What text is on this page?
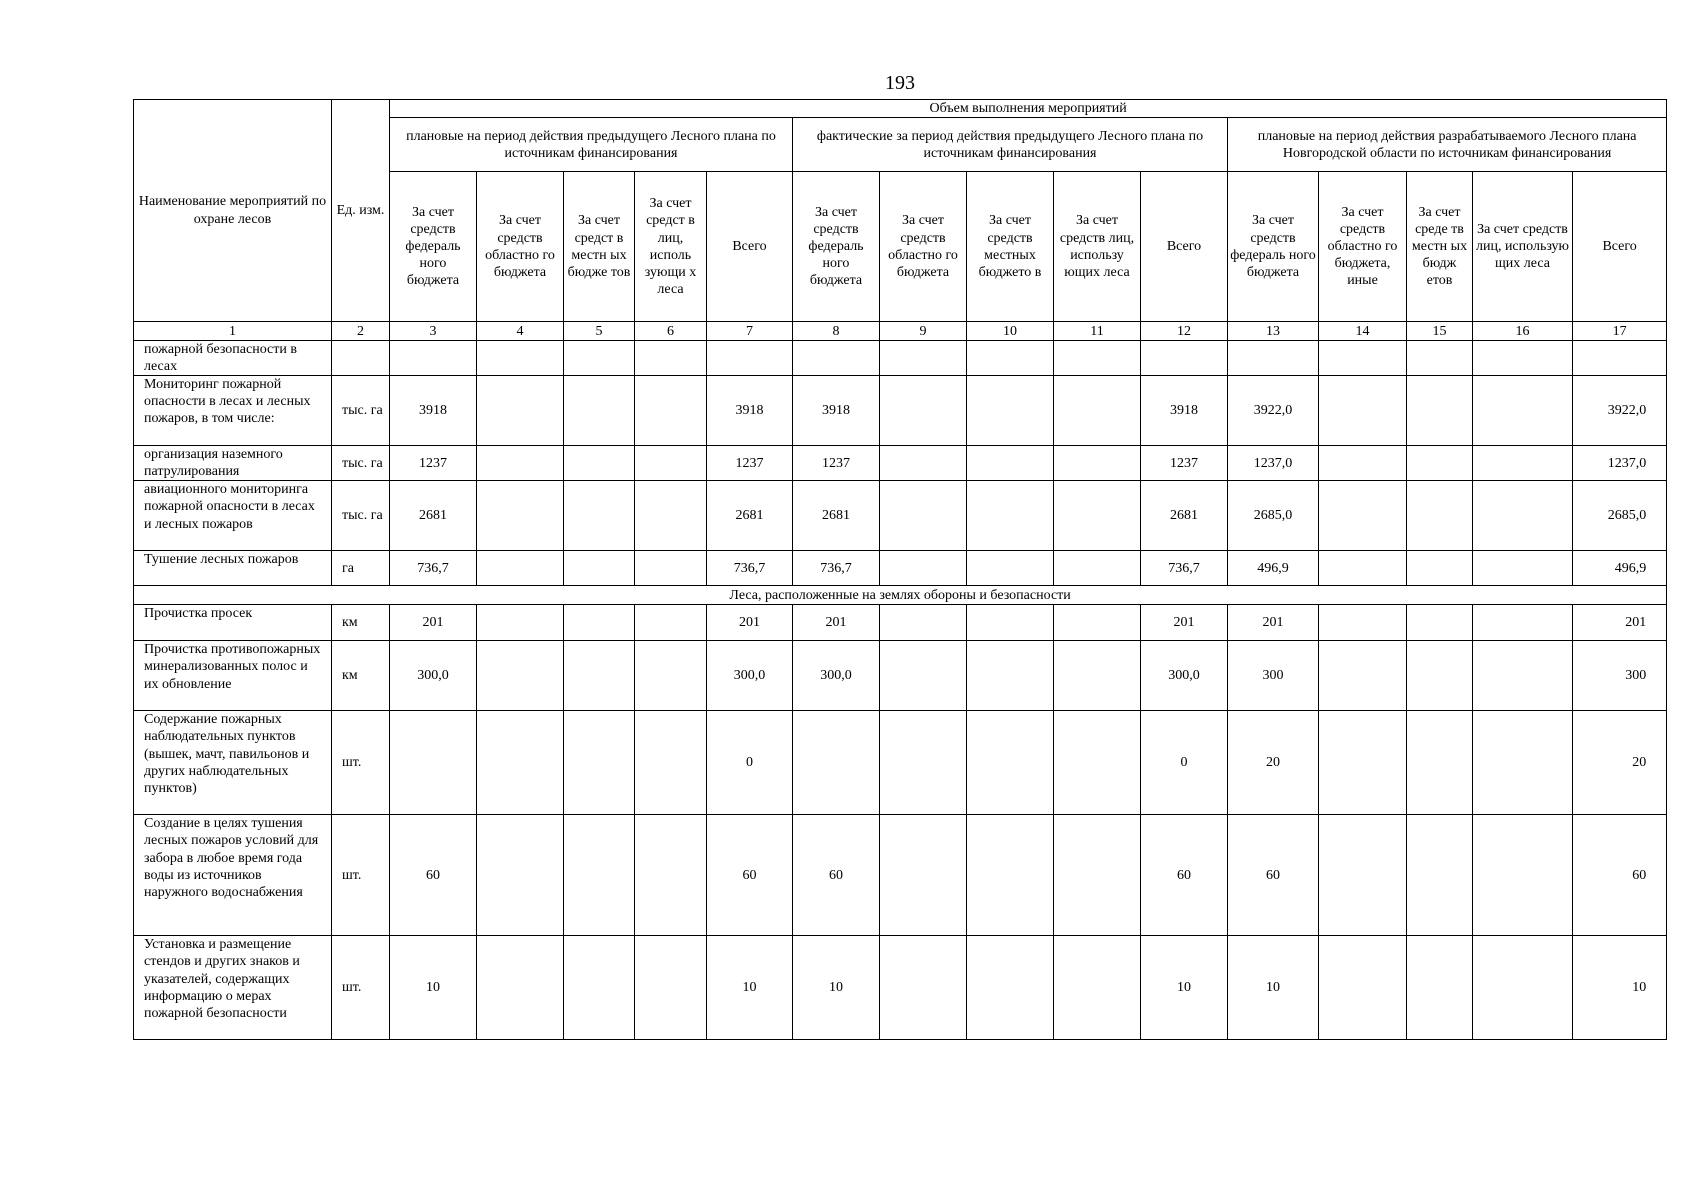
193
Наименование мероприятий по охране лесов	Ед. изм.	Объем выполнения мероприятий														
		плановые на период действия предыдущего Лесного плана по источникам финансирования					фактические за период действия предыдущего Лесного плана по источникам финансирования					плановые на период действия разрабатываемого Лесного плана Новгородской области по источникам финансирования				
		За счет средств федераль ного бюджета	За счет средств областно го бюджета	За счет средст в местн ых бюдже тов	За счет средст в лиц, исполь зующи х леса	Всего	За счет средств федераль ного бюджета	За счет средств областно го бюджета	За счет средств местных бюджето в	За счет средств лиц, использу ющих леса	Всего	За счет средств федераль ного бюджета	За счет средств областно го бюджета, иные	За счет среде тв местн ых бюдж етов	За счет средств лиц, использую щих леса	Всего
1	2	3	4	5	6	7	8	9	10	11	12	13	14	15	16	17
пожарной безопасности в лесах																
Мониторинг пожарной опасности в лесах и лесных пожаров, в том числе:	тыс. га	3918				3918	3918				3918	3922,0				3922,0
организация наземного патрулирования	тыс. га	1237				1237	1237				1237	1237,0				1237,0
авиационного мониторинга пожарной опасности в лесах и лесных пожаров	тыс. га	2681				2681	2681				2681	2685,0				2685,0
Тушение лесных пожаров	га	736,7				736,7	736,7				736,7	496,9				496,9
Леса, расположенные на землях обороны и безопасности																
Прочистка просек	км	201				201	201				201	201				201
Прочистка противопожарных минерализованных полос и их обновление	км	300,0				300,0	300,0				300,0	300				300
Содержание пожарных наблюдательных пунктов (вышек, мачт, павильонов и других наблюдательных пунктов)	шт.					0					0	20				20
Создание в целях тушения лесных пожаров условий для забора в любое время года воды из источников наружного водоснабжения	шт.	60				60	60				60	60				60
Установка и размещение стендов и других знаков и указателей, содержащих информацию о мерах пожарной безопасности	шт.	10				10	10				10	10				10
